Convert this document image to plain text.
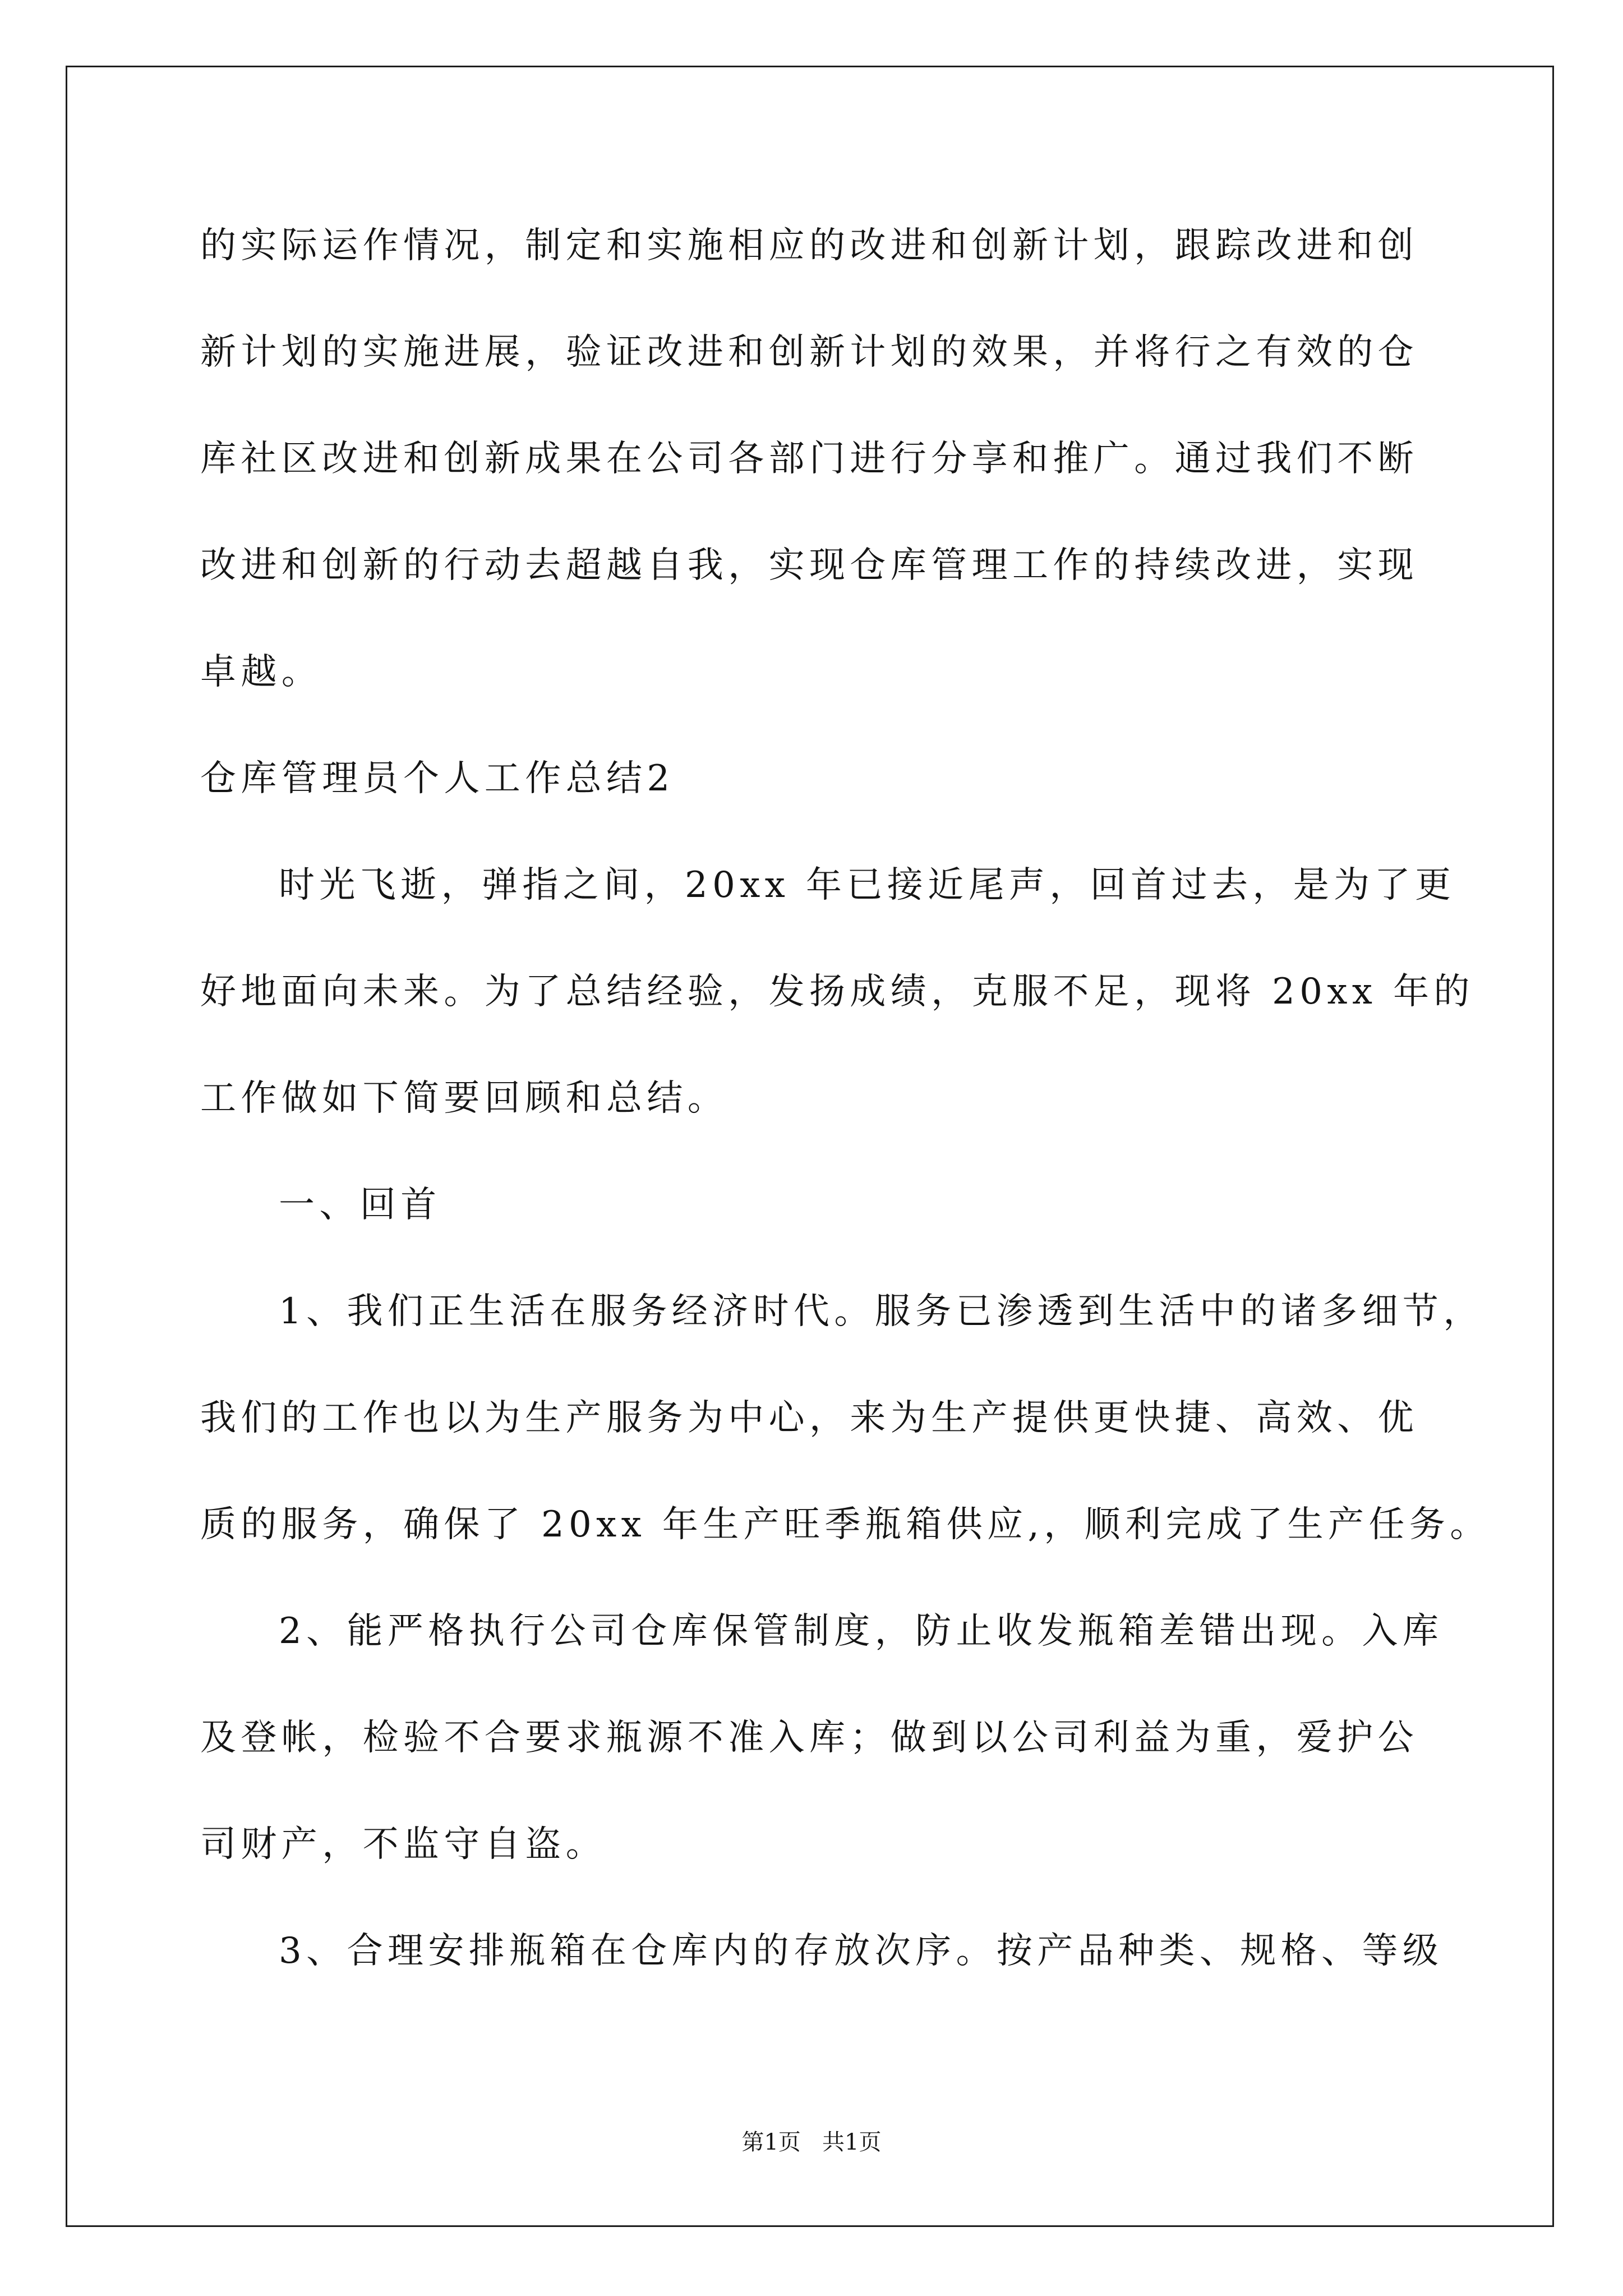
的实际运作情况，制定和实施相应的改进和创新计划，跟踪改进和创
新计划的实施进展，验证改进和创新计划的效果，并将行之有效的仓
库社区改进和创新成果在公司各部门进行分享和推广。通过我们不断
改进和创新的行动去超越自我，实现仓库管理工作的持续改进，实现
卓越。
仓库管理员个人工作总结2
时光飞逝，弹指之间，20xx 年已接近尾声，回首过去，是为了更
好地面向未来。为了总结经验，发扬成绩，克服不足，现将 20xx 年的
工作做如下简要回顾和总结。
一、回首
1、我们正生活在服务经济时代。服务已渗透到生活中的诸多细节，
我们的工作也以为生产服务为中心，来为生产提供更快捷、高效、优
质的服务，确保了 20xx 年生产旺季瓶箱供应,，顺利完成了生产任务。
2、能严格执行公司仓库保管制度，防止收发瓶箱差错出现。入库
及登帐，检验不合要求瓶源不准入库；做到以公司利益为重，爱护公
司财产，不监守自盗。
3、合理安排瓶箱在仓库内的存放次序。按产品种类、规格、等级
第1页   共1页
